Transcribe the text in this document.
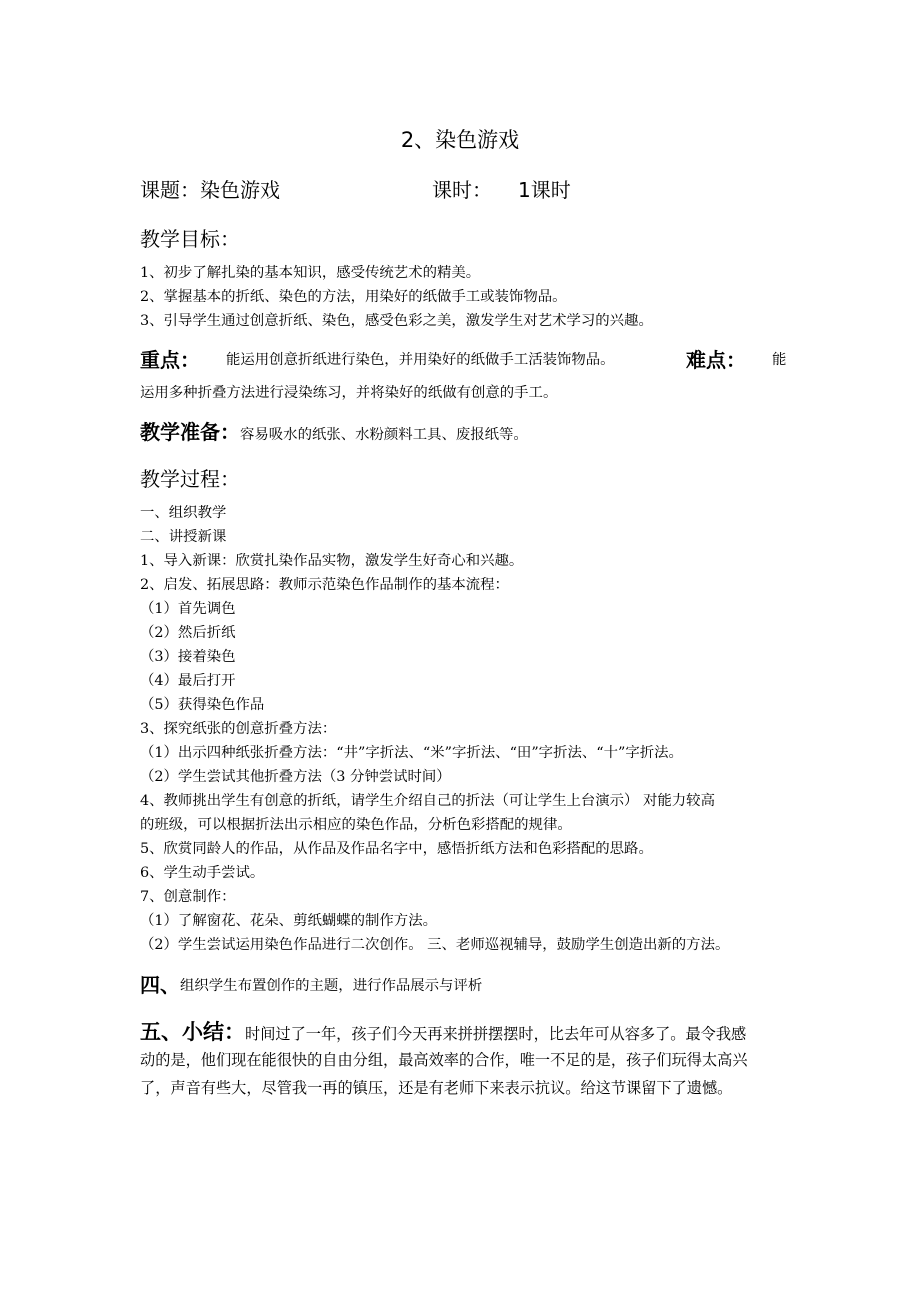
2、染色游戏
课题：染色游戏	课时： 1课时
教学目标：
1、初步了解扎染的基本知识，感受传统艺术的精美。
2、掌握基本的折纸、染色的方法，用染好的纸做手工或装饰物品。
3、引导学生通过创意折纸、染色，感受色彩之美，激发学生对艺术学习的兴趣。
重点： 能运用创意折纸进行染色，并用染好的纸做手工活装饰物品。	难点： 能
运用多种折叠方法进行浸染练习，并将染好的纸做有创意的手工。
教学准备：容易吸水的纸张、水粉颜料工具、废报纸等。
教学过程：
一、组织教学
二、讲授新课
1、导入新课：欣赏扎染作品实物，激发学生好奇心和兴趣。
2、启发、拓展思路：教师示范染色作品制作的基本流程：
（1）首先调色
（2）然后折纸
（3）接着染色
（4）最后打开
（5）获得染色作品
3、探究纸张的创意折叠方法：
（1）出示四种纸张折叠方法：“井”字折法、“米”字折法、“田”字折法、“十”字折法。
（2）学生尝试其他折叠方法（3 分钟尝试时间）
4、教师挑出学生有创意的折纸，请学生介绍自己的折法（可让学生上台演示） 对能力较高
的班级，可以根据折法出示相应的染色作品，分析色彩搭配的规律。
5、欣赏同龄人的作品，从作品及作品名字中，感悟折纸方法和色彩搭配的思路。
6、学生动手尝试。
7、创意制作：
（1）了解窗花、花朵、剪纸蝴蝶的制作方法。
（2）学生尝试运用染色作品进行二次创作。 三、老师巡视辅导，鼓励学生创造出新的方法。
四、组织学生布置创作的主题，进行作品展示与评析
五、小结：时间过了一年，孩子们今天再来拼拼摆摆时，比去年可从容多了。最令我感
动的是，他们现在能很快的自由分组，最高效率的合作，唯一不足的是，孩子们玩得太高兴
了，声音有些大，尽管我一再的镇压，还是有老师下来表示抗议。给这节课留下了遗憾。
